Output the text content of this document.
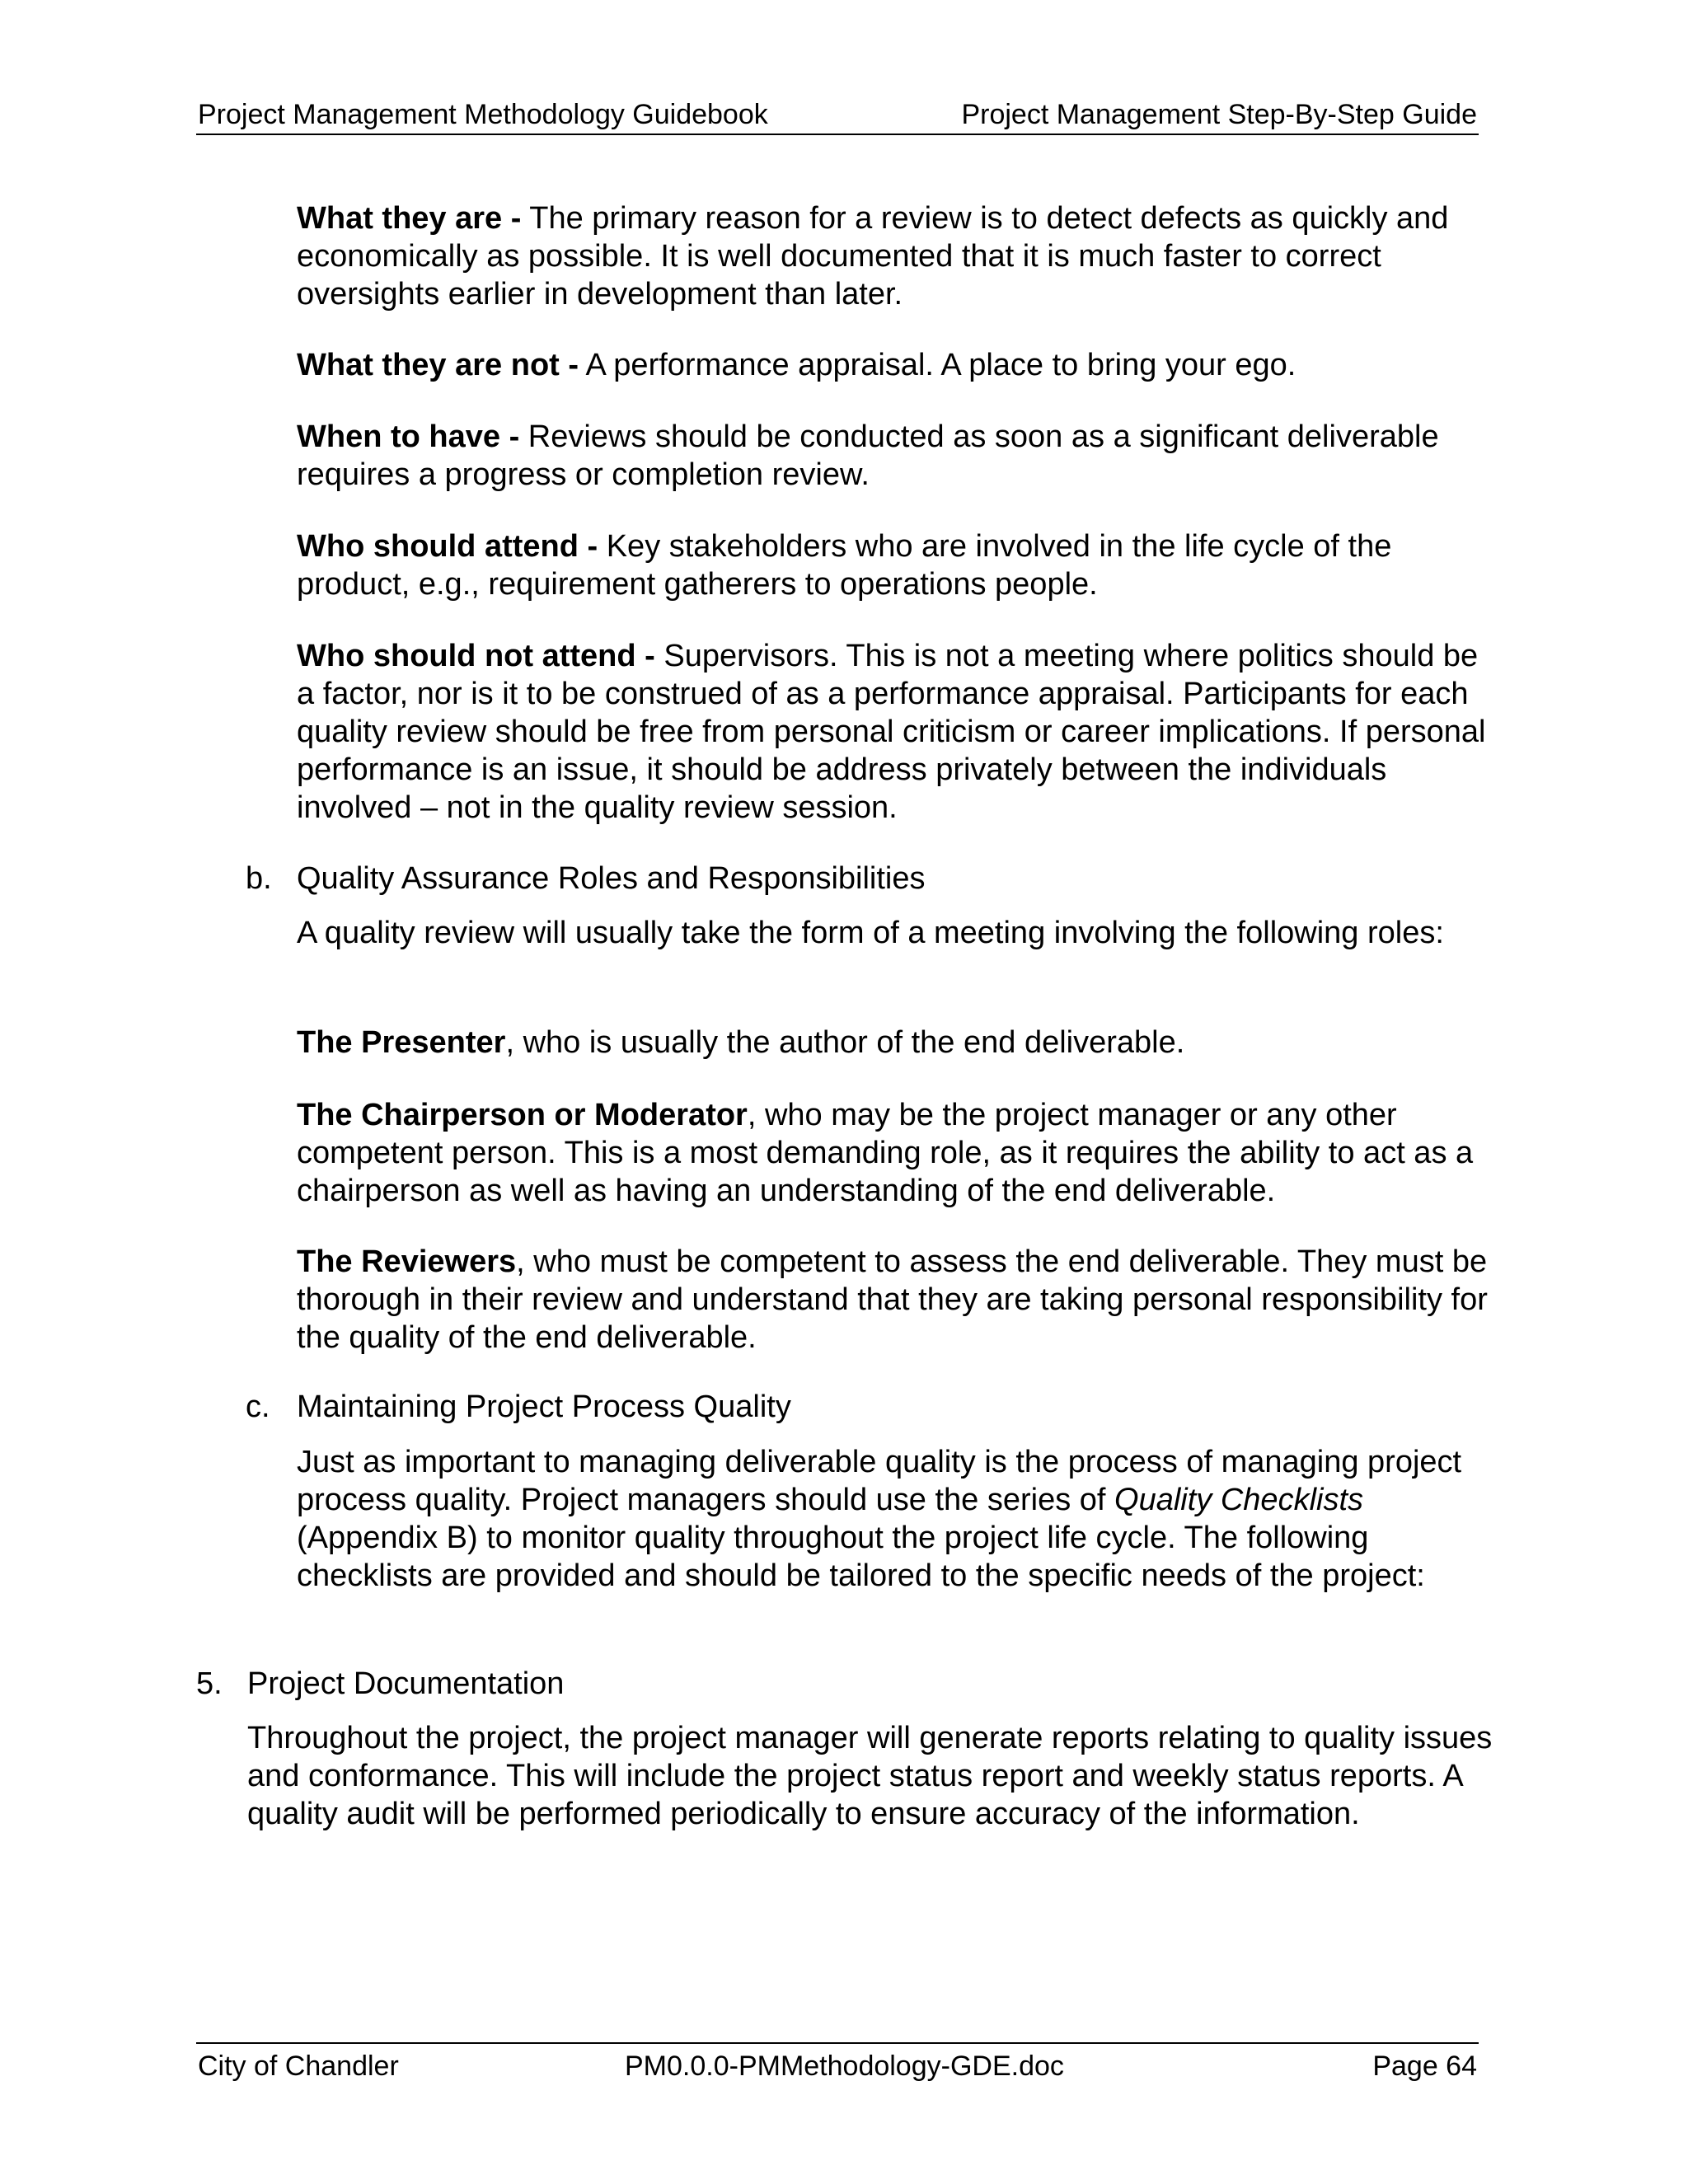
Project Management Methodology Guidebook	Project Management Step-By-Step Guide

What they are - The primary reason for a review is to detect defects as quickly and economically as possible. It is well documented that it is much faster to correct oversights earlier in development than later.

What they are not - A performance appraisal. A place to bring your ego.

When to have - Reviews should be conducted as soon as a significant deliverable requires a progress or completion review.

Who should attend - Key stakeholders who are involved in the life cycle of the product, e.g., requirement gatherers to operations people.

Who should not attend - Supervisors. This is not a meeting where politics should be a factor, nor is it to be construed of as a performance appraisal. Participants for each quality review should be free from personal criticism or career implications. If personal performance is an issue, it should be address privately between the individuals involved – not in the quality review session.

b. Quality Assurance Roles and Responsibilities

A quality review will usually take the form of a meeting involving the following roles:

The Presenter, who is usually the author of the end deliverable.

The Chairperson or Moderator, who may be the project manager or any other competent person. This is a most demanding role, as it requires the ability to act as a chairperson as well as having an understanding of the end deliverable.

The Reviewers, who must be competent to assess the end deliverable. They must be thorough in their review and understand that they are taking personal responsibility for the quality of the end deliverable.

c. Maintaining Project Process Quality

Just as important to managing deliverable quality is the process of managing project process quality. Project managers should use the series of Quality Checklists (Appendix B) to monitor quality throughout the project life cycle. The following checklists are provided and should be tailored to the specific needs of the project:

5. Project Documentation

Throughout the project, the project manager will generate reports relating to quality issues and conformance. This will include the project status report and weekly status reports. A quality audit will be performed periodically to ensure accuracy of the information.

City of Chandler	PM0.0.0-PMMethodology-GDE.doc	Page 64
